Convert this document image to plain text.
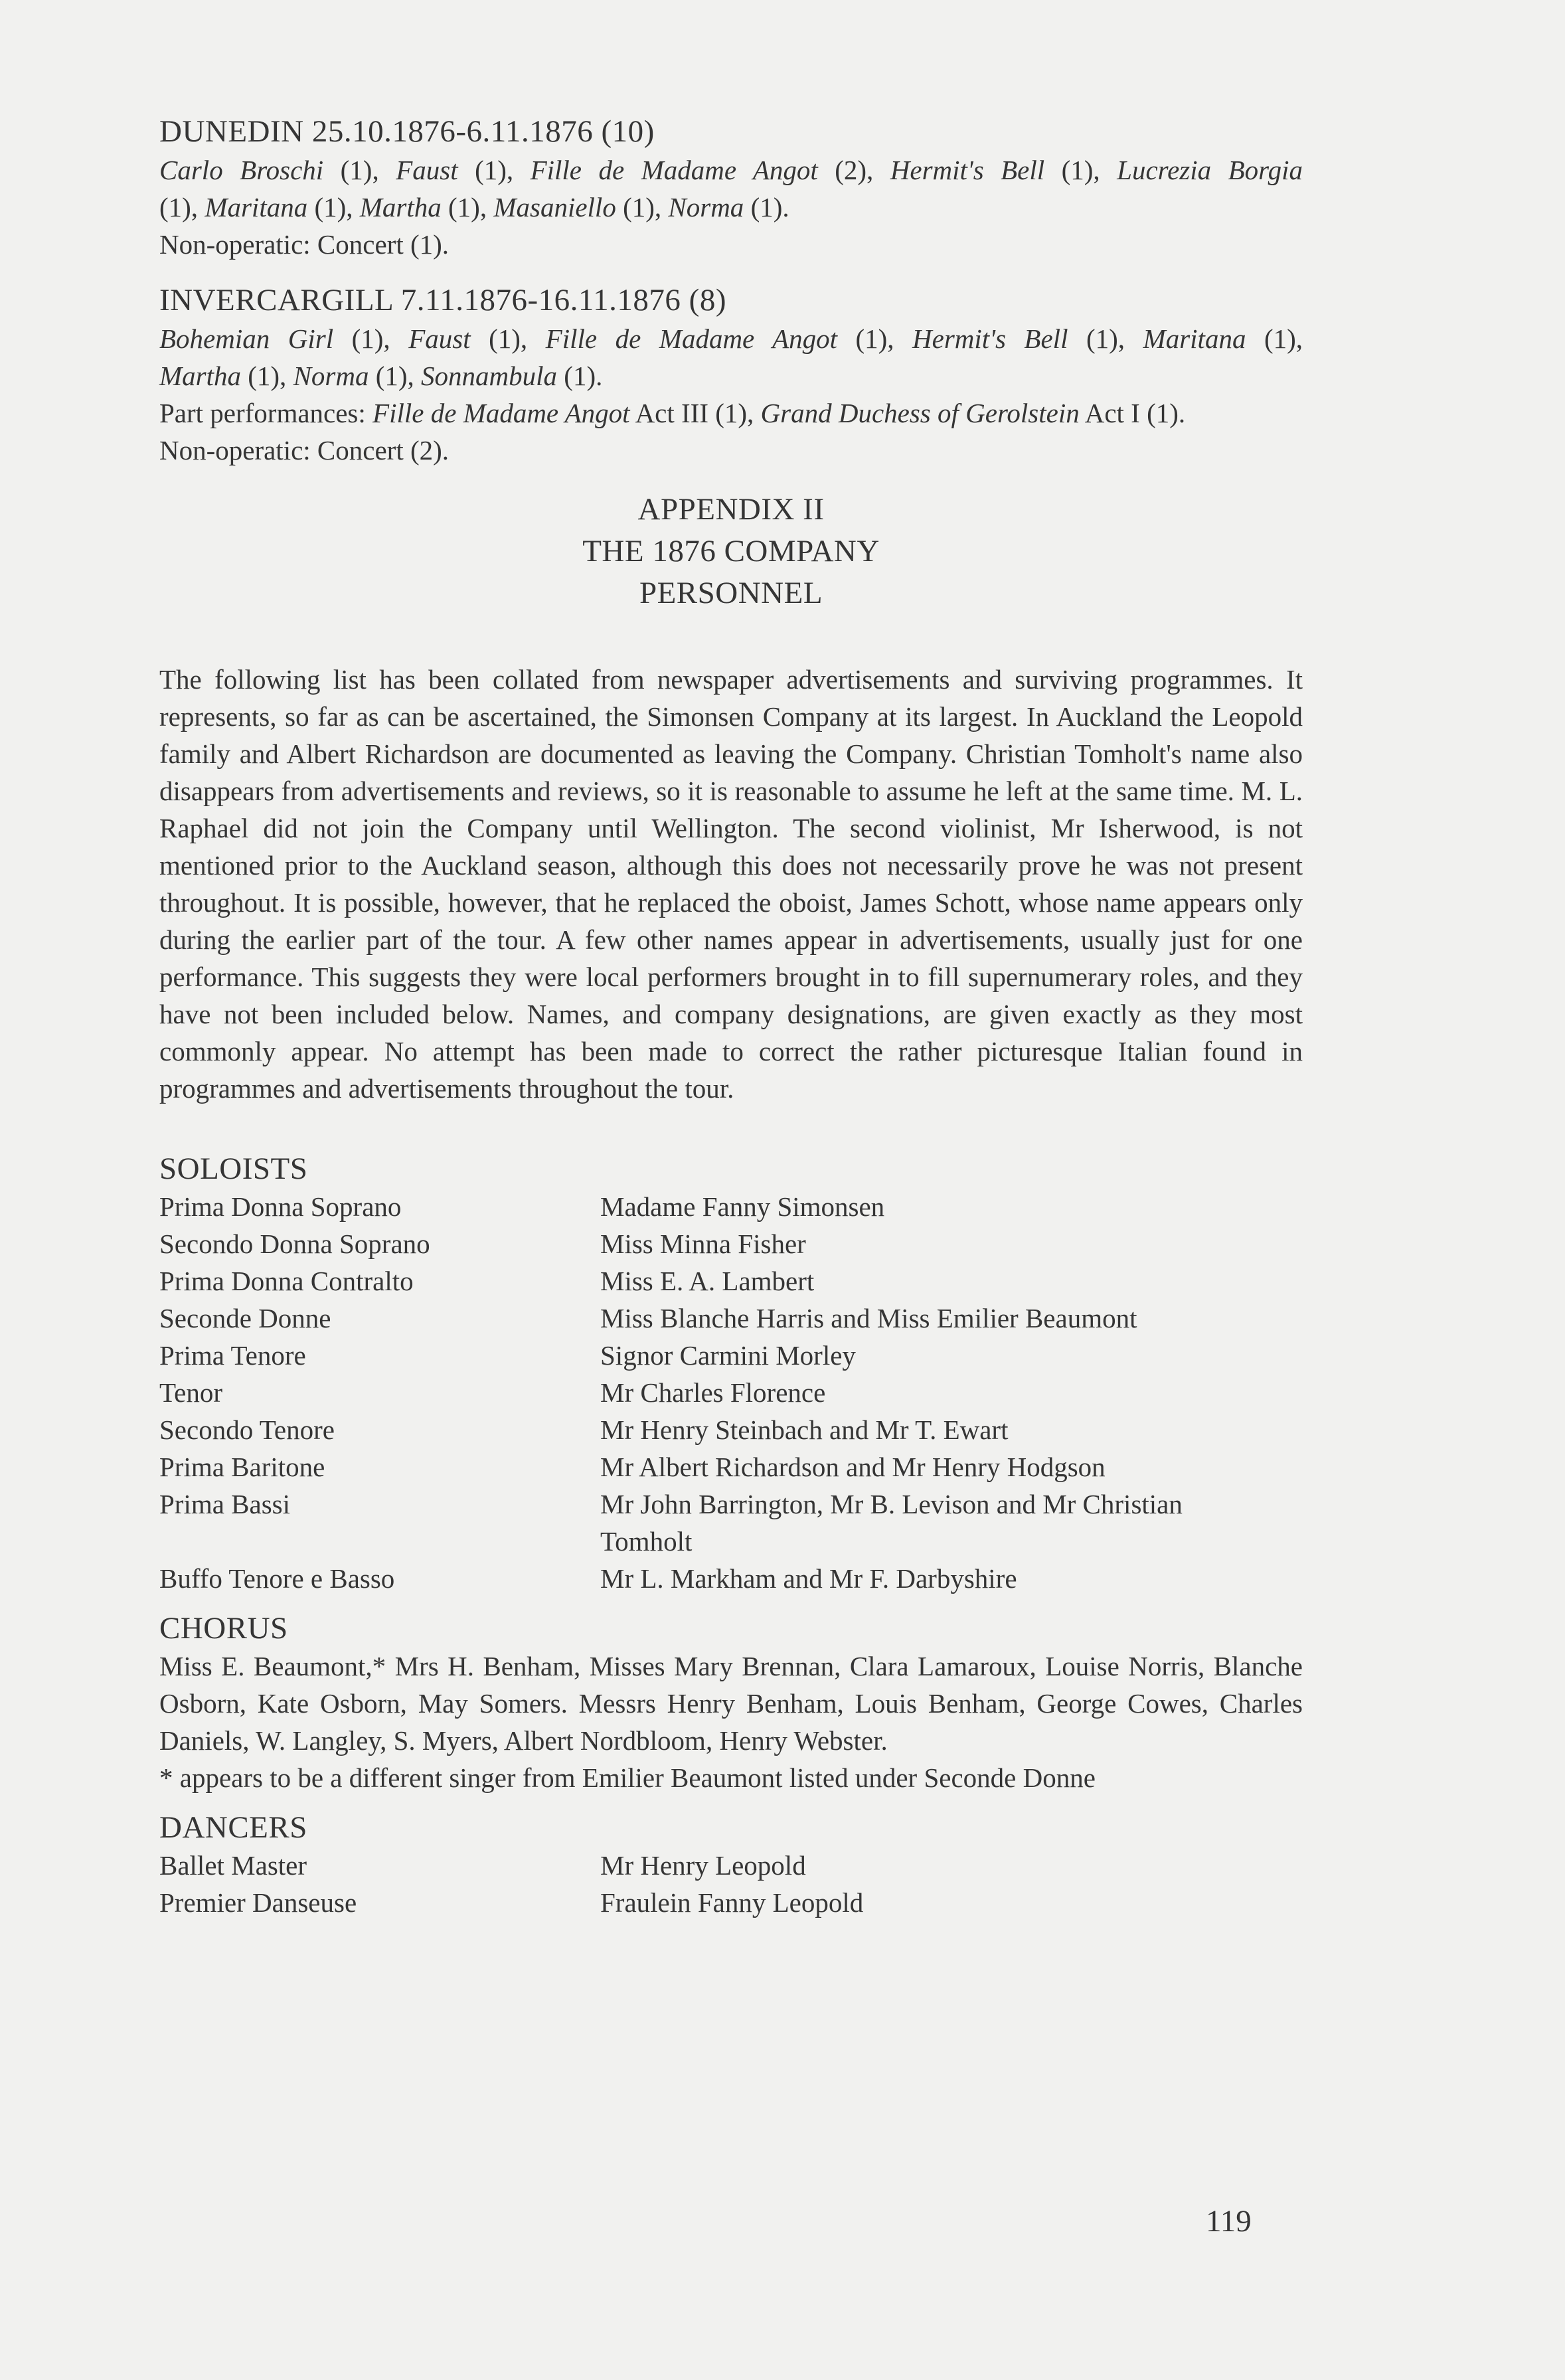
DUNEDIN 25.10.1876-6.11.1876 (10)

Carlo Broschi (1), Faust (1), Fille de Madame Angot (2), Hermit's Bell (1), Lucrezia Borgia

(1), Maritana (1), Martha (1), Masaniello (1), Norma (1).

Non-operatic: Concert (1).

INVERCARGILL 7.11.1876-16.11.1876 (8)

Bohemian Girl (1), Faust (1), Fille de Madame Angot (1), Hermit's Bell (1), Maritana (1),

Martha (1), Norma (1), Sonnambula (1).

Part performances: Fille de Madame Angot Act III (1), Grand Duchess of Gerolstein Act I (1).

Non-operatic: Concert (2).

APPENDIX II
THE 1876 COMPANY
PERSONNEL

The following list has been collated from newspaper advertisements and surviving programmes. It represents, so far as can be ascertained, the Simonsen Company at its largest. In Auckland the Leopold family and Albert Richardson are documented as leaving the Company. Christian Tomholt's name also disappears from advertisements and reviews, so it is reasonable to assume he left at the same time. M. L. Raphael did not join the Company until Wellington. The second violinist, Mr Isherwood, is not mentioned prior to the Auckland season, although this does not necessarily prove he was not present throughout. It is possible, however, that he replaced the oboist, James Schott, whose name appears only during the earlier part of the tour. A few other names appear in advertisements, usually just for one performance. This suggests they were local performers brought in to fill supernumerary roles, and they have not been included below. Names, and company designations, are given exactly as they most commonly appear. No attempt has been made to correct the rather picturesque Italian found in programmes and advertisements throughout the tour.

SOLOISTS
Prima Donna Soprano	Madame Fanny Simonsen
Secondo Donna Soprano	Miss Minna Fisher
Prima Donna Contralto	Miss E. A. Lambert
Seconde Donne	Miss Blanche Harris and Miss Emilier Beaumont
Prima Tenore	Signor Carmini Morley
Tenor	Mr Charles Florence
Secondo Tenore	Mr Henry Steinbach and Mr T. Ewart
Prima Baritone	Mr Albert Richardson and Mr Henry Hodgson
Prima Bassi	Mr John Barrington, Mr B. Levison and Mr Christian Tomholt
Buffo Tenore e Basso	Mr L. Markham and Mr F. Darbyshire
CHORUS

Miss E. Beaumont,* Mrs H. Benham, Misses Mary Brennan, Clara Lamaroux, Louise Norris, Blanche Osborn, Kate Osborn, May Somers. Messrs Henry Benham, Louis Benham, George Cowes, Charles Daniels, W. Langley, S. Myers, Albert Nordbloom, Henry Webster.

* appears to be a different singer from Emilier Beaumont listed under Seconde Donne

DANCERS
Ballet Master	Mr Henry Leopold
Premier Danseuse	Fraulein Fanny Leopold
119
